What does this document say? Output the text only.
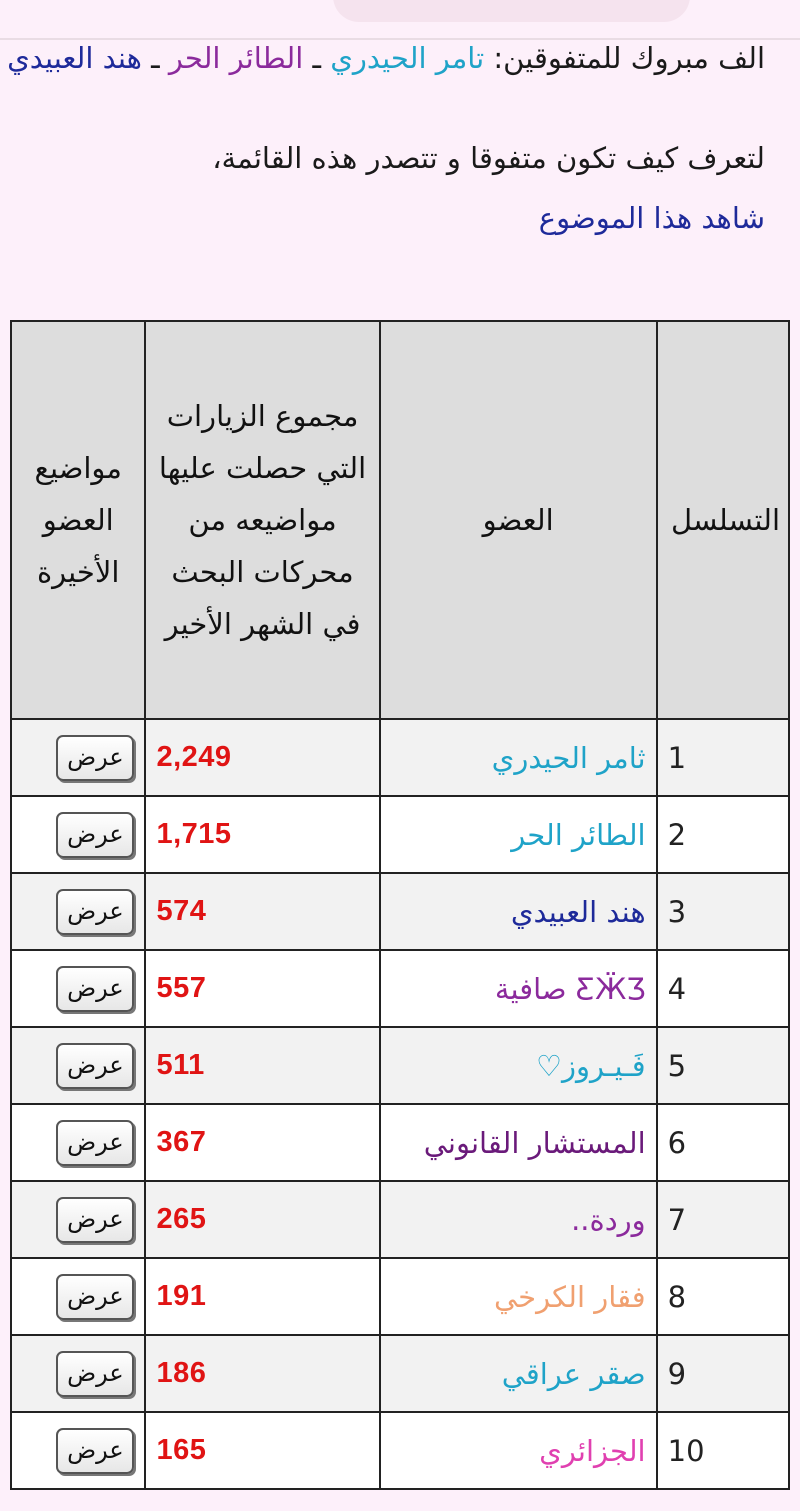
الف مبروك للمتفوقين: تامر الحيدري ـ الطائر الحر ـ هند العبيدي

لتعرف كيف تكون متفوقا و تتصدر هذه القائمة،

شاهد هذا الموضوع

التسلسل	العضو	مجموع الزيارات التي حصلت عليها مواضيعه من محركات البحث في الشهر الأخير	مواضيع العضو الأخيرة
1	ثامر الحيدري	2,249	عرض
2	الطائر الحر	1,715	عرض
3	هند العبيدي	574	عرض
4	ƸӜƷ صافية	557	عرض
5	فَـيـروز♡	511	عرض
6	المستشار القانوني	367	عرض
7	وردة..	265	عرض
8	فقار الكرخي	191	عرض
9	صقر عراقي	186	عرض
10	الجزائري	165	عرض
